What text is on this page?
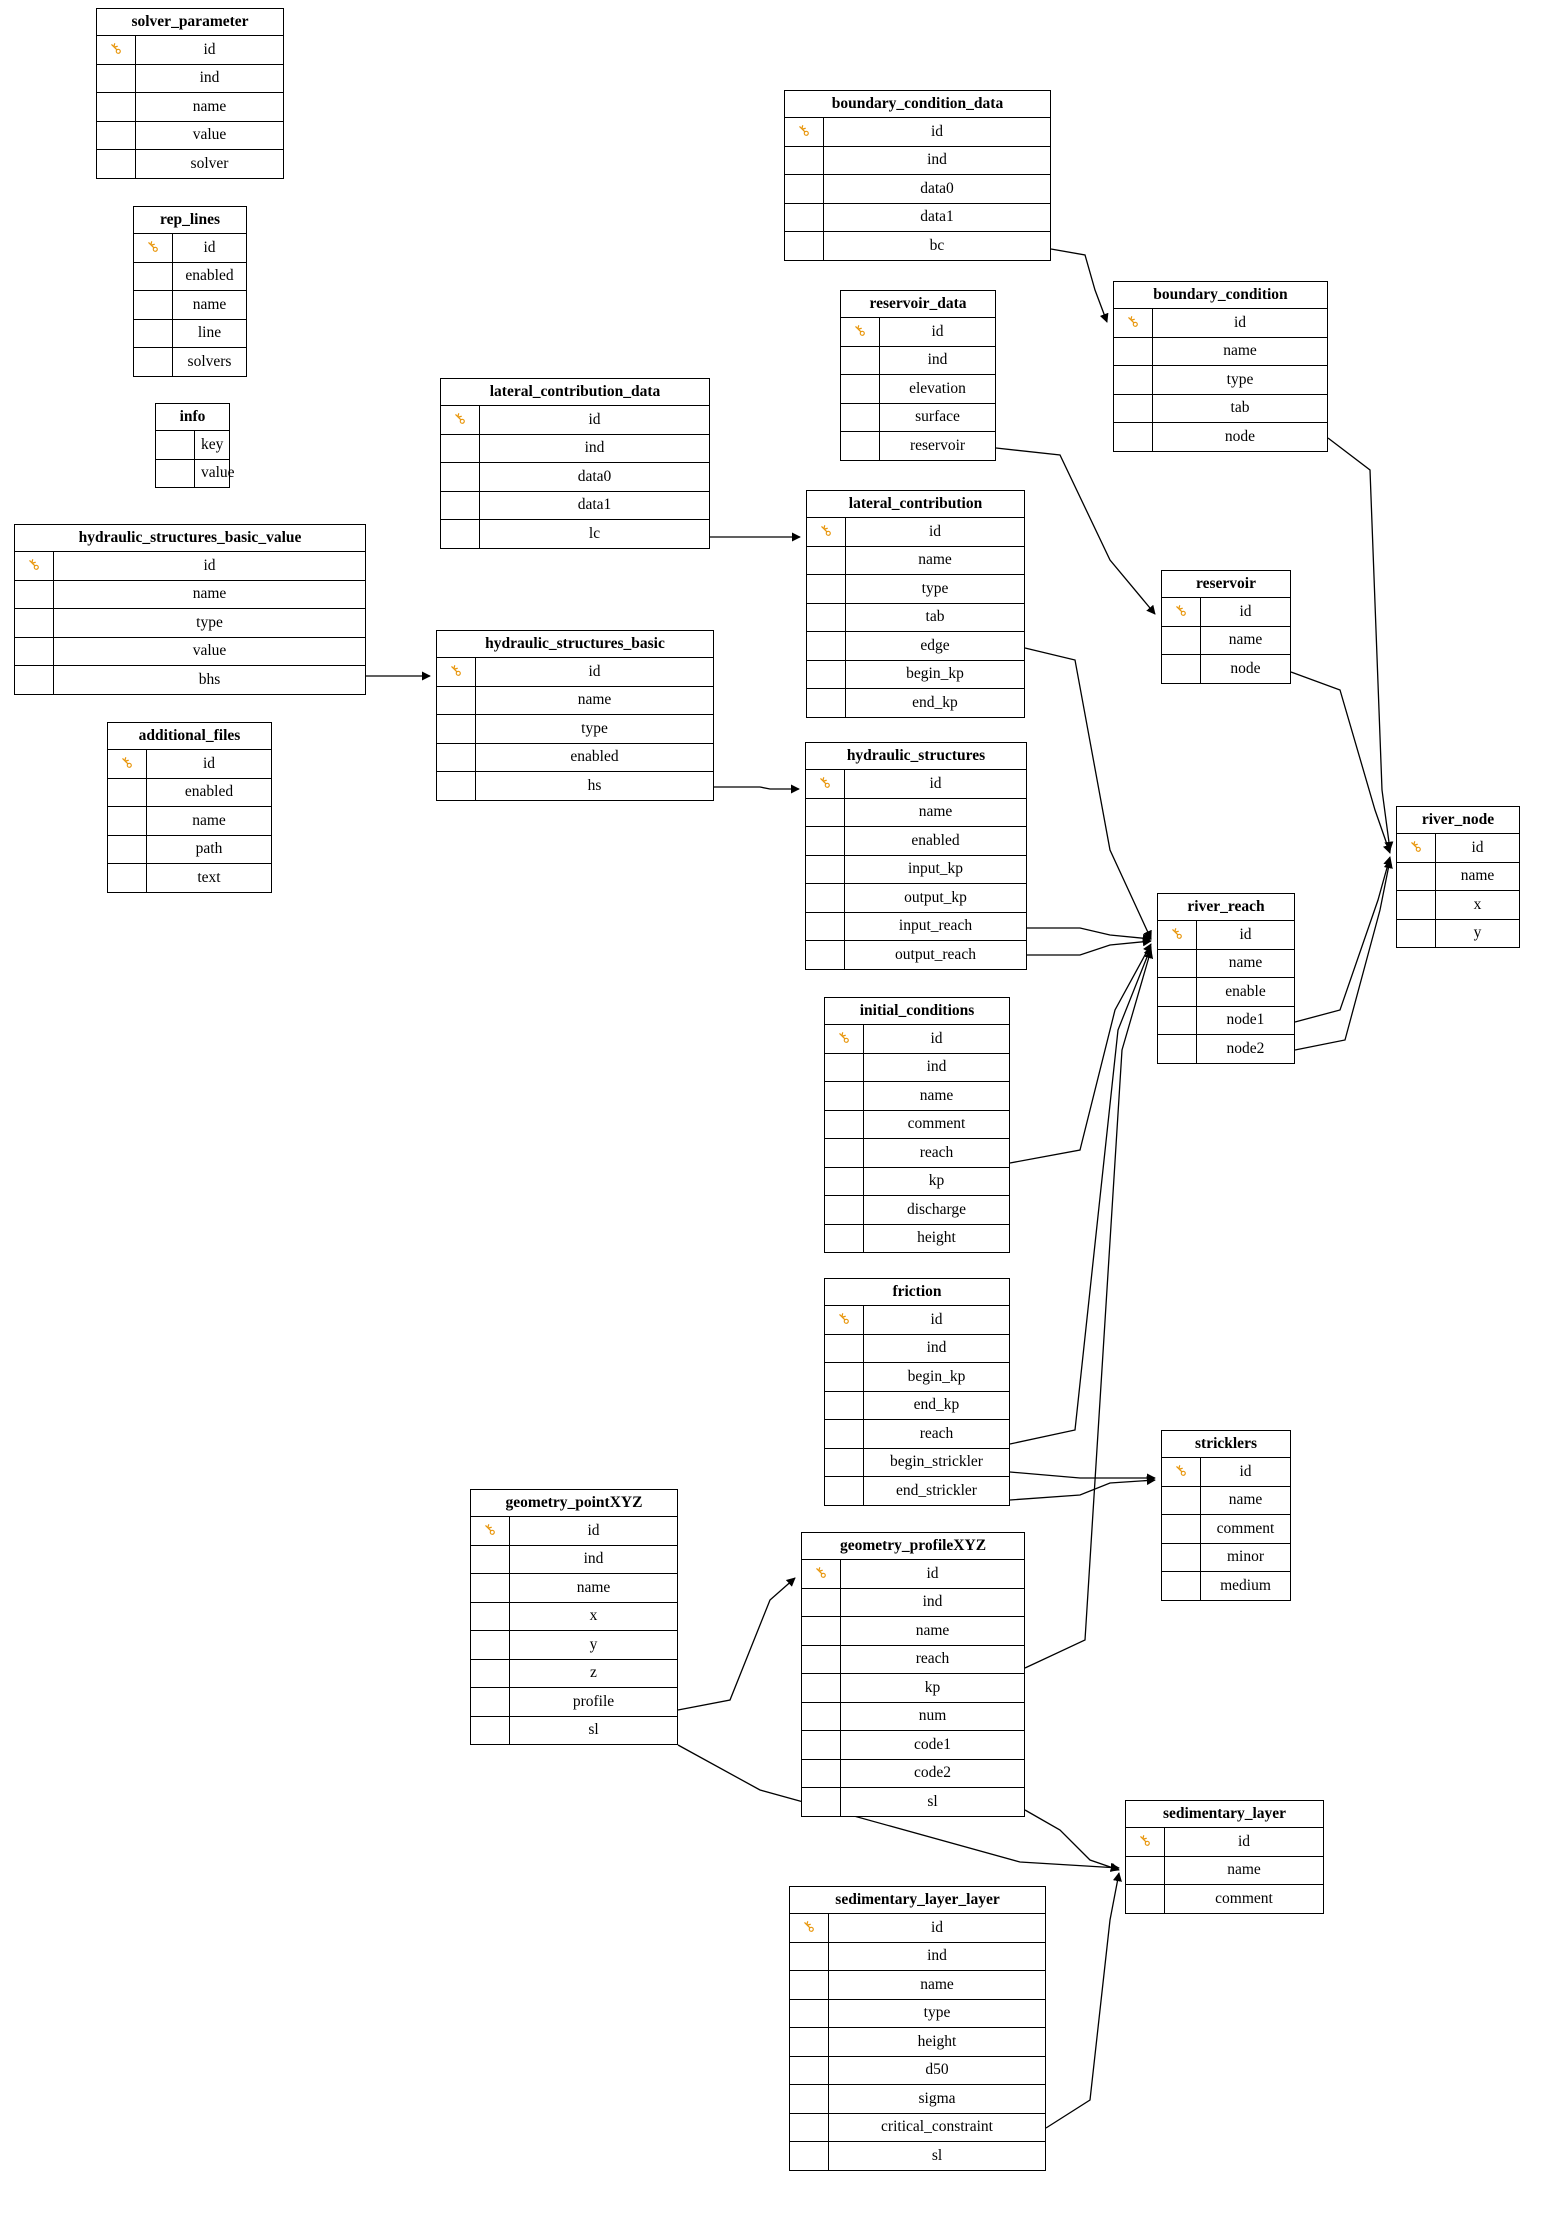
solver_parameter
⚷	id
ind
name
value
solver
rep_lines
⚷	id
enabled
name
line
solvers
info
key
value
hydraulic_structures_basic_value
⚷	id
name
type
value
bhs
additional_files
⚷	id
enabled
name
path
text
lateral_contribution_data
⚷	id
ind
data0
data1
lc
hydraulic_structures_basic
⚷	id
name
type
enabled
hs
geometry_pointXYZ
⚷	id
ind
name
x
y
z
profile
sl
boundary_condition_data
⚷	id
ind
data0
data1
bc
reservoir_data
⚷	id
ind
elevation
surface
reservoir
lateral_contribution
⚷	id
name
type
tab
edge
begin_kp
end_kp
hydraulic_structures
⚷	id
name
enabled
input_kp
output_kp
input_reach
output_reach
initial_conditions
⚷	id
ind
name
comment
reach
kp
discharge
height
friction
⚷	id
ind
begin_kp
end_kp
reach
begin_strickler
end_strickler
geometry_profileXYZ
⚷	id
ind
name
reach
kp
num
code1
code2
sl
sedimentary_layer_layer
⚷	id
ind
name
type
height
d50
sigma
critical_constraint
sl
boundary_condition
⚷	id
name
type
tab
node
reservoir
⚷	id
name
node
river_reach
⚷	id
name
enable
node1
node2
river_node
⚷	id
name
x
y
stricklers
⚷	id
name
comment
minor
medium
sedimentary_layer
⚷	id
name
comment
